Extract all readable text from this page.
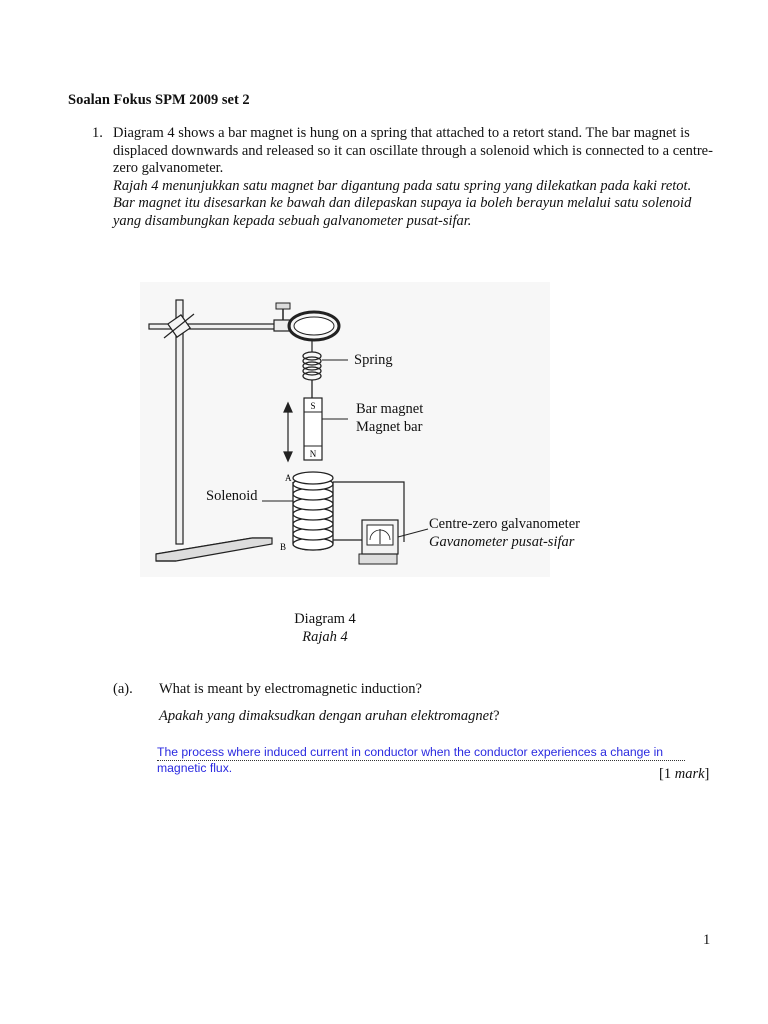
Soalan Fokus SPM 2009 set 2
1. Diagram 4 shows a bar magnet is hung on a spring that attached to a retort stand. The bar magnet is displaced downwards and released so it can oscillate through a solenoid which is connected to a centre-zero galvanometer.

Rajah 4 menunjukkan satu magnet bar digantung pada satu spring yang dilekatkan pada kaki retot. Bar magnet itu disesarkan ke bawah dan dilepaskan supaya ia boleh berayun melalui satu solenoid yang disambungkan kepada sebuah galvanometer pusat-sifar.

S
N
A
B
Spring
Bar magnet
Magnet bar
Solenoid
Centre-zero galvanometer
Gavanometer pusat-sifar
Diagram 4
Rajah 4
(a). What is meant by electromagnetic induction?

Apakah yang dimaksudkan dengan aruhan elektromagnet?

The process where induced current in conductor when the conductor experiences a change in magnetic flux.	[1 mark]
1
